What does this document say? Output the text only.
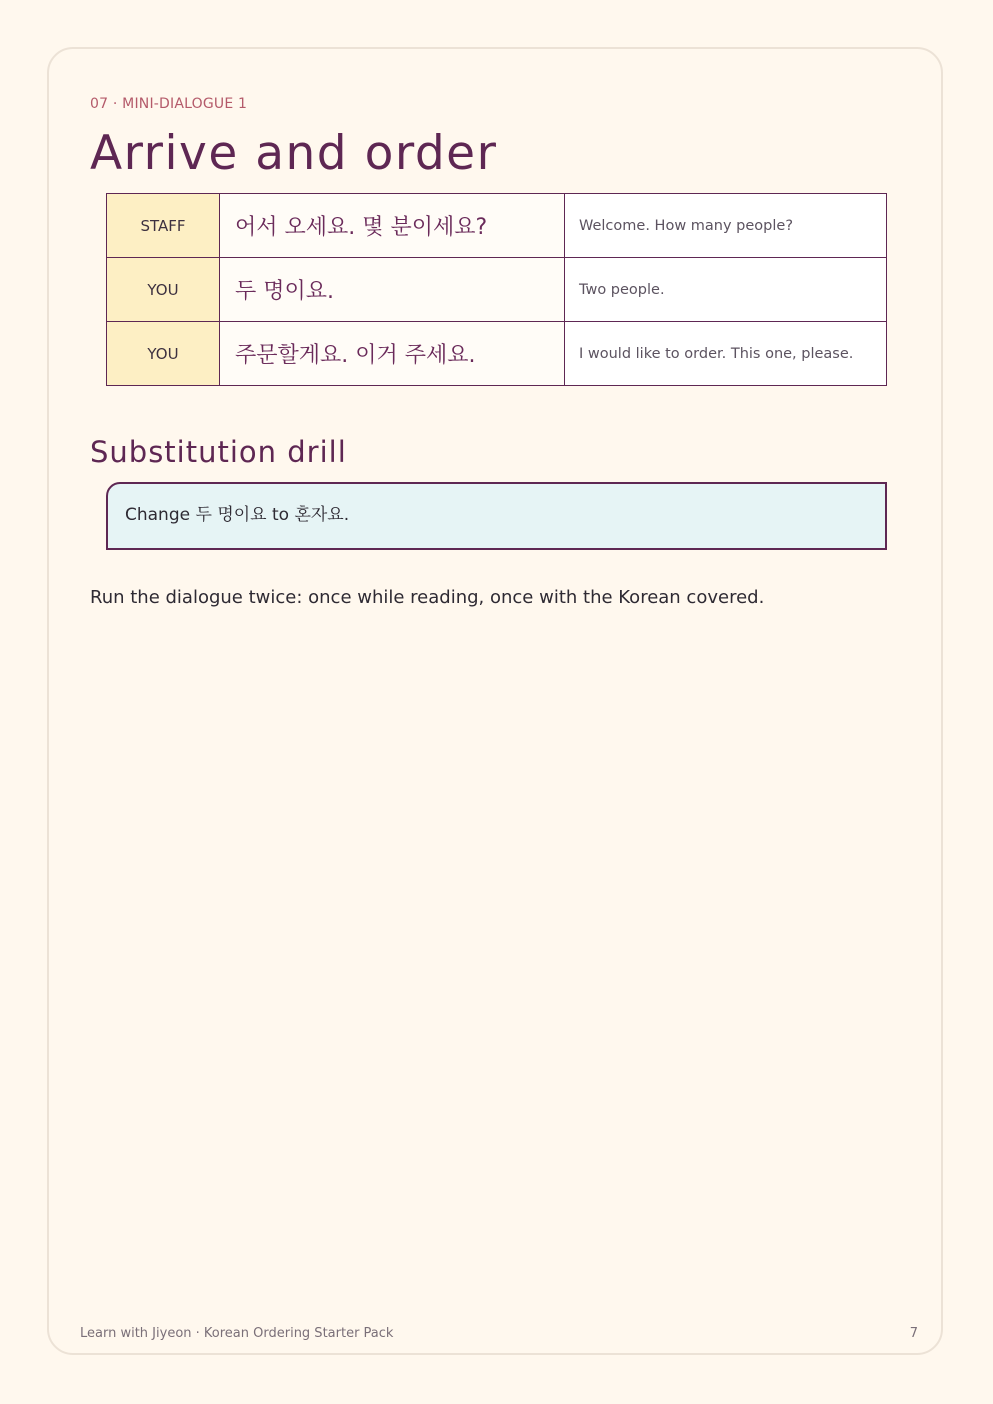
07 · MINI-DIALOGUE 1
Arrive and order
STAFF	어서 오세요. 몇 분이세요?	Welcome. How many people?
YOU	두 명이요.	Two people.
YOU	주문할게요. 이거 주세요.	I would like to order. This one, please.
Substitution drill
Change 두 명이요 to 혼자요.

Run the dialogue twice: once while reading, once with the Korean covered.

Learn with Jiyeon · Korean Ordering Starter Pack	7
